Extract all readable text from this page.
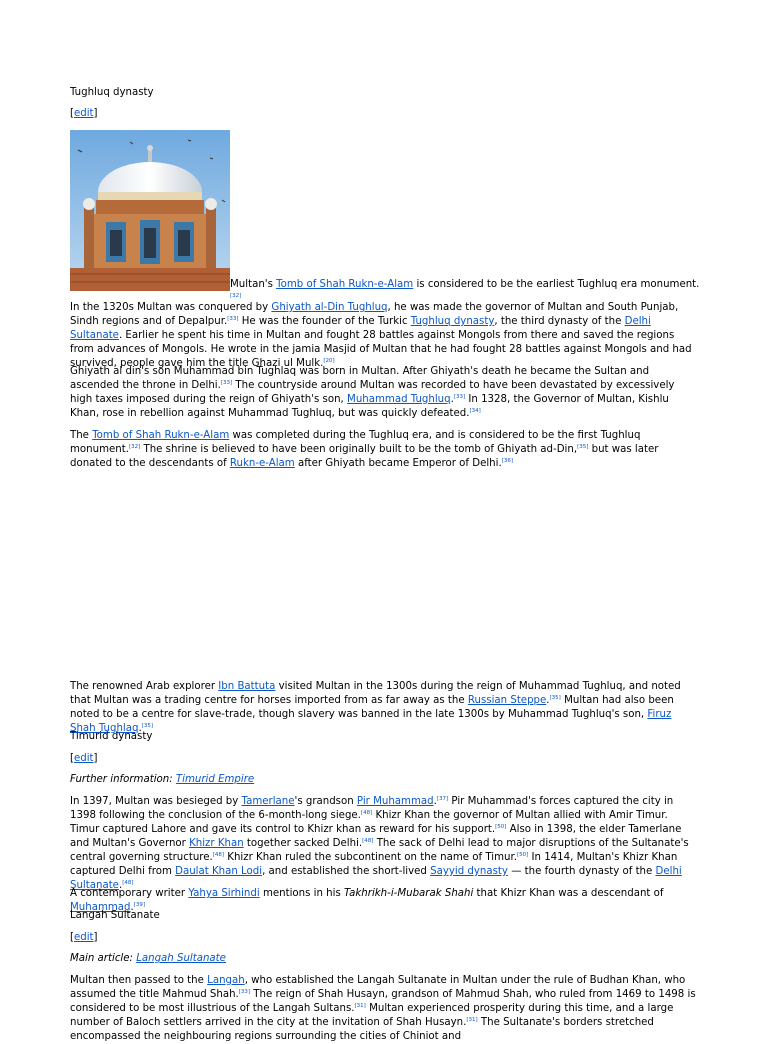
Tughluq dynasty

[edit]

Multan's Tomb of Shah Rukn-e-Alam is considered to be the earliest Tughluq era monument.[32]

In the 1320s Multan was conquered by Ghiyath al-Din Tughluq, he was made the governor of Multan and South Punjab, Sindh regions and of Depalpur.[33] He was the founder of the Turkic Tughluq dynasty, the third dynasty of the Delhi Sultanate. Earlier he spent his time in Multan and fought 28 battles against Mongols from there and saved the regions from advances of Mongols. He wrote in the jamia Masjid of Multan that he had fought 28 battles against Mongols and had survived, people gave him the title Ghazi ul Mulk.[20]

Ghiyath al din's son Muhammad bin Tughlaq was born in Multan. After Ghiyath's death he became the Sultan and ascended the throne in Delhi.[33] The countryside around Multan was recorded to have been devastated by excessively high taxes imposed during the reign of Ghiyath's son, Muhammad Tughluq.[33] In 1328, the Governor of Multan, Kishlu Khan, rose in rebellion against Muhammad Tughluq, but was quickly defeated.[34]

The Tomb of Shah Rukn-e-Alam was completed during the Tughluq era, and is considered to be the first Tughluq monument.[32] The shrine is believed to have been originally built to be the tomb of Ghiyath ad-Din,[35] but was later donated to the descendants of Rukn-e-Alam after Ghiyath became Emperor of Delhi.[36]

The renowned Arab explorer Ibn Battuta visited Multan in the 1300s during the reign of Muhammad Tughluq, and noted that Multan was a trading centre for horses imported from as far away as the Russian Steppe.[35] Multan had also been noted to be a centre for slave-trade, though slavery was banned in the late 1300s by Muhammad Tughluq's son, Firuz Shah Tughlaq.[35]

Timurid dynasty

[edit]

Further information: Timurid Empire

In 1397, Multan was besieged by Tamerlane's grandson Pir Muhammad.[37] Pir Muhammad's forces captured the city in 1398 following the conclusion of the 6-month-long siege.[48] Khizr Khan the governor of Multan allied with Amir Timur. Timur captured Lahore and gave its control to Khizr khan as reward for his support.[50] Also in 1398, the elder Tamerlane and Multan's Governor Khizr Khan together sacked Delhi.[48] The sack of Delhi lead to major disruptions of the Sultanate's central governing structure.[48] Khizr Khan ruled the subcontinent on the name of Timur.[50] In 1414, Multan's Khizr Khan captured Delhi from Daulat Khan Lodi, and established the short-lived Sayyid dynasty — the fourth dynasty of the Delhi Sultanate.[48]

A contemporary writer Yahya Sirhindi mentions in his Takhrikh-i-Mubarak Shahi that Khizr Khan was a descendant of Muhammad.[39]

Langah Sultanate

[edit]

Main article: Langah Sultanate

Multan then passed to the Langah, who established the Langah Sultanate in Multan under the rule of Budhan Khan, who assumed the title Mahmud Shah.[33] The reign of Shah Husayn, grandson of Mahmud Shah, who ruled from 1469 to 1498 is considered to be most illustrious of the Langah Sultans.[31] Multan experienced prosperity during this time, and a large number of Baloch settlers arrived in the city at the invitation of Shah Husayn.[31] The Sultanate's borders stretched encompassed the neighbouring regions surrounding the cities of Chiniot and
